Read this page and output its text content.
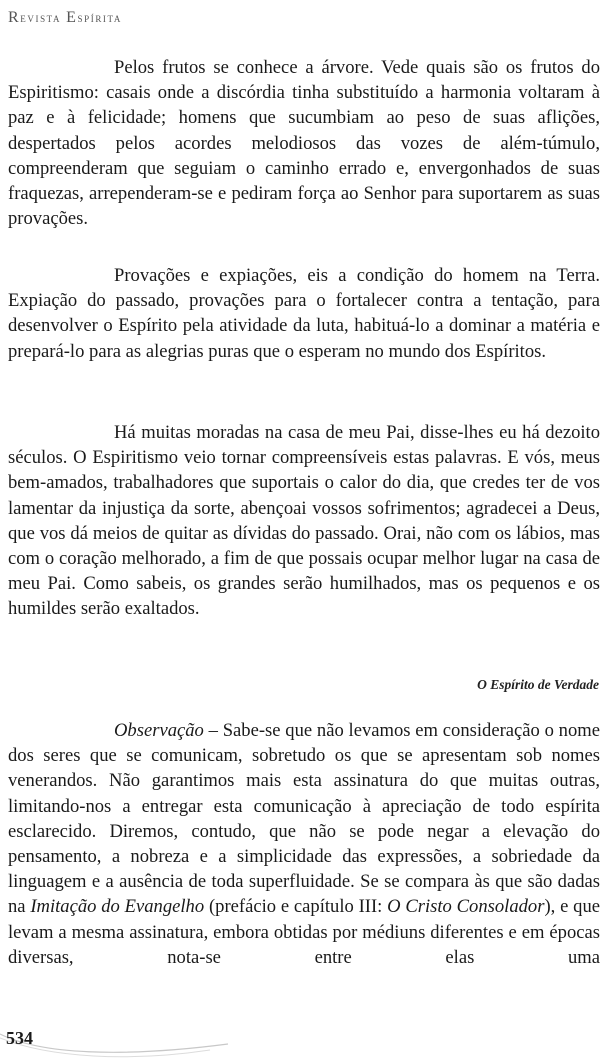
Revista Espírita

Pelos frutos se conhece a árvore. Vede quais são os frutos do Espiritismo: casais onde a discórdia tinha substituído a harmonia voltaram à paz e à felicidade; homens que sucumbiam ao peso de suas aflições, despertados pelos acordes melodiosos das vozes de além-túmulo, compreenderam que seguiam o caminho errado e, envergonhados de suas fraquezas, arrependeram-se e pediram força ao Senhor para suportarem as suas provações.

Provações e expiações, eis a condição do homem na Terra. Expiação do passado, provações para o fortalecer contra a tentação, para desenvolver o Espírito pela atividade da luta, habituá-lo a dominar a matéria e prepará-lo para as alegrias puras que o esperam no mundo dos Espíritos.

Há muitas moradas na casa de meu Pai, disse-lhes eu há dezoito séculos. O Espiritismo veio tornar compreensíveis estas palavras. E vós, meus bem-amados, trabalhadores que suportais o calor do dia, que credes ter de vos lamentar da injustiça da sorte, abençoai vossos sofrimentos; agradecei a Deus, que vos dá meios de quitar as dívidas do passado. Orai, não com os lábios, mas com o coração melhorado, a fim de que possais ocupar melhor lugar na casa de meu Pai. Como sabeis, os grandes serão humilhados, mas os pequenos e os humildes serão exaltados.

O Espírito de Verdade

Observação – Sabe-se que não levamos em consideração o nome dos seres que se comunicam, sobretudo os que se apresentam sob nomes venerandos. Não garantimos mais esta assinatura do que muitas outras, limitando-nos a entregar esta comunicação à apreciação de todo espírita esclarecido. Diremos, contudo, que não se pode negar a elevação do pensamento, a nobreza e a simplicidade das expressões, a sobriedade da linguagem e a ausência de toda superfluidade. Se se compara às que são dadas na Imitação do Evangelho (prefácio e capítulo III: O Cristo Consolador), e que levam a mesma assinatura, embora obtidas por médiuns diferentes e em épocas diversas, nota-se entre elas uma

534
